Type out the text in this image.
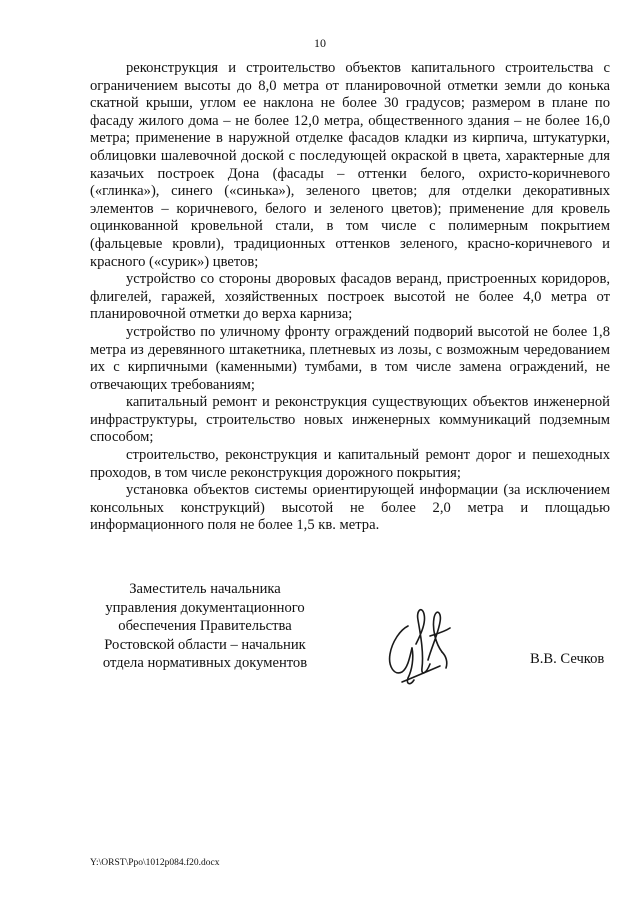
10

реконструкция и строительство объектов капитального строительства с ограничением высоты до 8,0 метра от планировочной отметки земли до конька скатной крыши, углом ее наклона не более 30 градусов; размером в плане по фасаду жилого дома – не более 12,0 метра, общественного здания – не более 16,0 метра; применение в наружной отделке фасадов кладки из кирпича, штукатурки, облицовки шалевочной доской с последующей окраской в цвета, характерные для казачьих построек Дона (фасады – оттенки белого, охристо-коричневого («глинка»), синего («синька»), зеленого цветов; для отделки декоративных элементов – коричневого, белого и зеленого цветов); применение для кровель оцинкованной кровельной стали, в том числе с полимерным покрытием (фальцевые кровли), традиционных оттенков зеленого, красно-коричневого и красного («сурик») цветов;

устройство со стороны дворовых фасадов веранд, пристроенных коридоров, флигелей, гаражей, хозяйственных построек высотой не более 4,0 метра от планировочной отметки до верха карниза;

устройство по уличному фронту ограждений подворий высотой не более 1,8 метра из деревянного штакетника, плетневых из лозы, с возможным чередованием их с кирпичными (каменными) тумбами, в том числе замена ограждений, не отвечающих требованиям;

капитальный ремонт и реконструкция существующих объектов инженерной инфраструктуры, строительство новых инженерных коммуникаций подземным способом;

строительство, реконструкция и капитальный ремонт дорог и пешеходных проходов, в том числе реконструкция дорожного покрытия;

установка объектов системы ориентирующей информации (за исключением консольных конструкций) высотой не более 2,0 метра и площадью информационного поля не более 1,5 кв. метра.

Заместитель начальника
управления документационного
обеспечения Правительства
Ростовской области – начальник
отдела нормативных документов	В.В. Сечков
Y:\ORST\Ppo\1012p084.f20.docx
